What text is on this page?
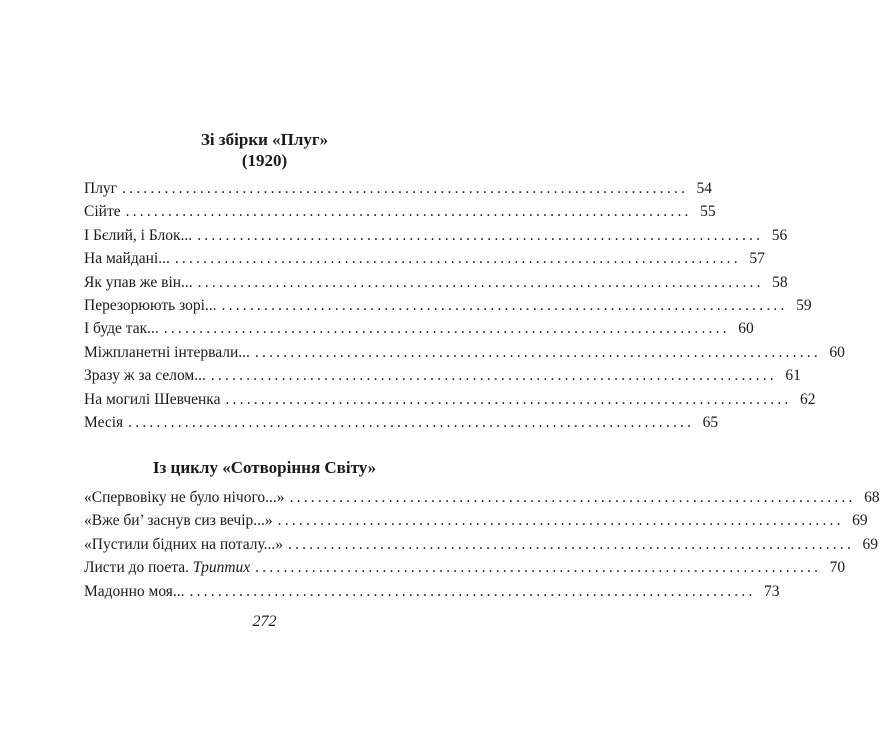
Зі збірки «Плуг»
(1920)
Плуг ................................................................................ 54
Сійте ................................................................................ 55
І Бєлий, і Блок... ................................................................................ 56
На майдані... ................................................................................ 57
Як упав же він... ................................................................................ 58
Перезорюють зорі... ................................................................................ 59
І буде так... ................................................................................ 60
Міжпланетні інтервали... ................................................................................ 60
Зразу ж за селом... ................................................................................ 61
На могилі Шевченка ................................................................................ 62
Месія ................................................................................ 65
Із циклу «Сотворіння Світу»
«Спервовіку не було нічого...» ................................................................................ 68
«Вже би’ заснув сиз вечір...» ................................................................................ 69
«Пустили бідних на поталу...» ................................................................................ 69
Листи до поета. Триптих ................................................................................ 70
Мадонно моя... ................................................................................ 73
272
